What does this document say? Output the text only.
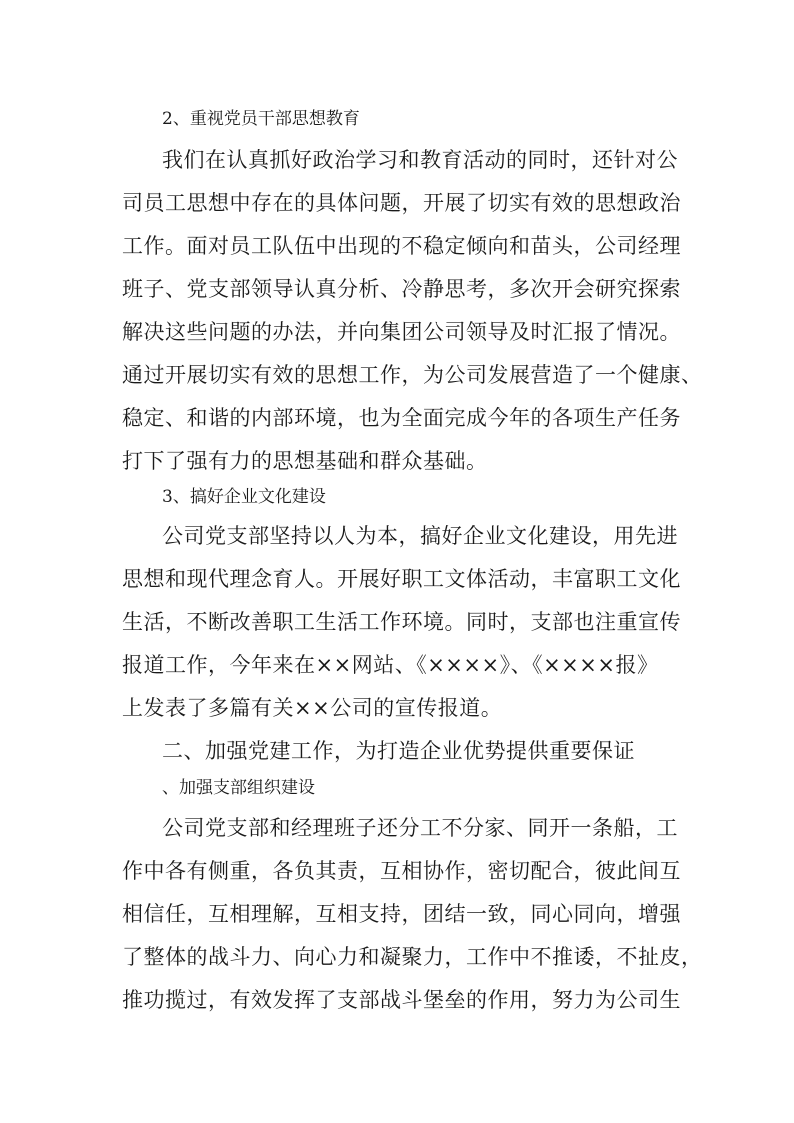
2、重视党员干部思想教育

我们在认真抓好政治学习和教育活动的同时，还针对公

司员工思想中存在的具体问题，开展了切实有效的思想政治

工作。面对员工队伍中出现的不稳定倾向和苗头，公司经理

班子、党支部领导认真分析、冷静思考，多次开会研究探索

解决这些问题的办法，并向集团公司领导及时汇报了情况。

通过开展切实有效的思想工作，为公司发展营造了一个健康、

稳定、和谐的内部环境，也为全面完成今年的各项生产任务

打下了强有力的思想基础和群众基础。

3、搞好企业文化建设

公司党支部坚持以人为本，搞好企业文化建设，用先进

思想和现代理念育人。开展好职工文体活动，丰富职工文化

生活，不断改善职工生活工作环境。同时，支部也注重宣传

报道工作，今年来在××网站、《××××》、《××××报》

上发表了多篇有关××公司的宣传报道。

二、加强党建工作，为打造企业优势提供重要保证

、加强支部组织建设

公司党支部和经理班子还分工不分家、同开一条船，工

作中各有侧重，各负其责，互相协作，密切配合，彼此间互

相信任，互相理解，互相支持，团结一致，同心同向，增强

了整体的战斗力、向心力和凝聚力，工作中不推诿，不扯皮，

推功揽过，有效发挥了支部战斗堡垒的作用，努力为公司生
